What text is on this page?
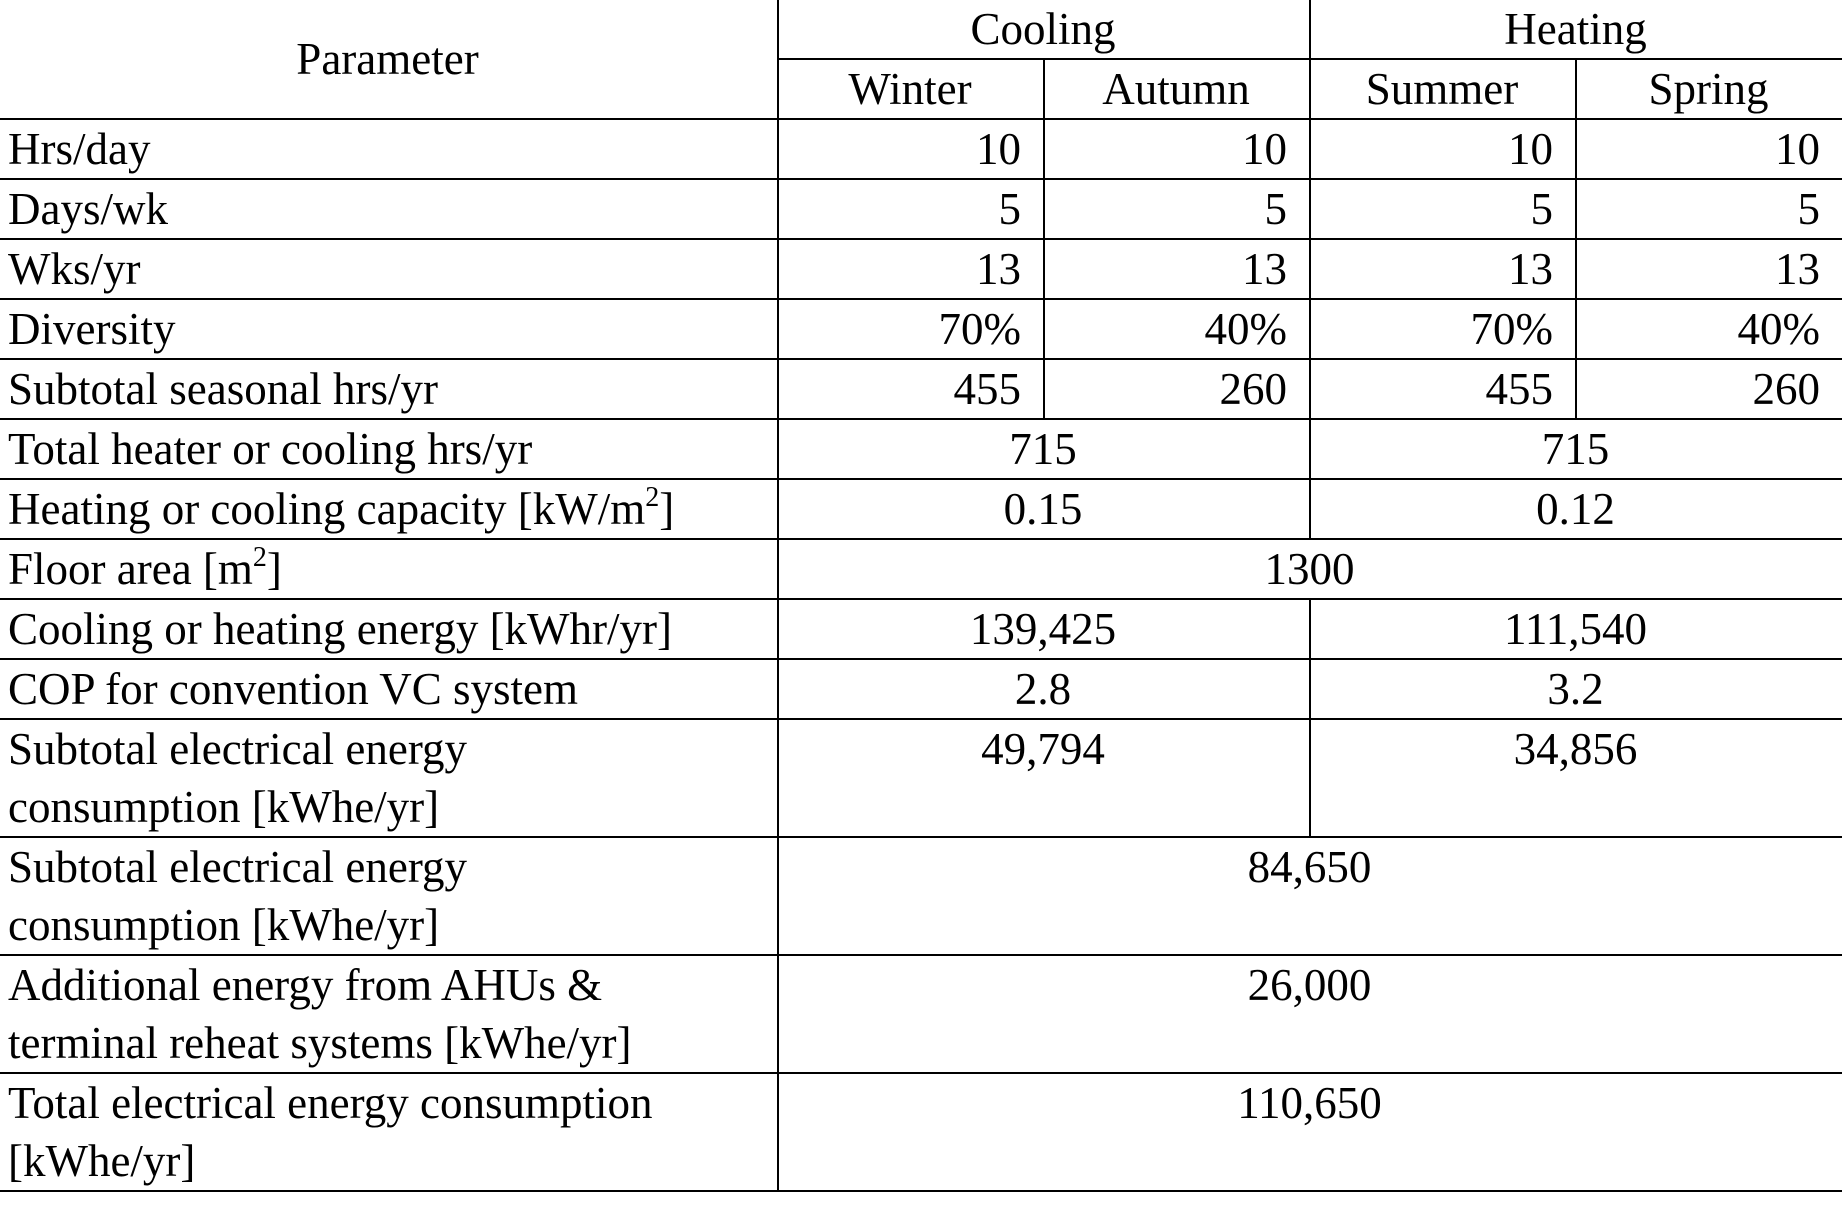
Parameter	Cooling		Heating	
	Winter	Autumn	Summer	Spring
Hrs/day	10	10	10	10
Days/wk	5	5	5	5
Wks/yr	13	13	13	13
Diversity	70%	40%	70%	40%
Subtotal seasonal hrs/yr	455	260	455	260
Total heater or cooling hrs/yr	715		715	
Heating or cooling capacity $[kW/m^2]$	0.15		0.12	
Floor area $[m^2]$	1300			
Cooling or heating energy [kWhr/yr]	139,425		111,540	
COP for convention VC system	2.8		3.2	

Subtotal electrical energy
consumption [kWhe/yr]	49,794		34,856	

Subtotal electrical energy
consumption [kWhe/yr]	84,650			

Additional energy from AHUs &
terminal reheat systems [kWhe/yr]	26,000			

Total electrical energy consumption
[kWhe/yr]	110,650			
